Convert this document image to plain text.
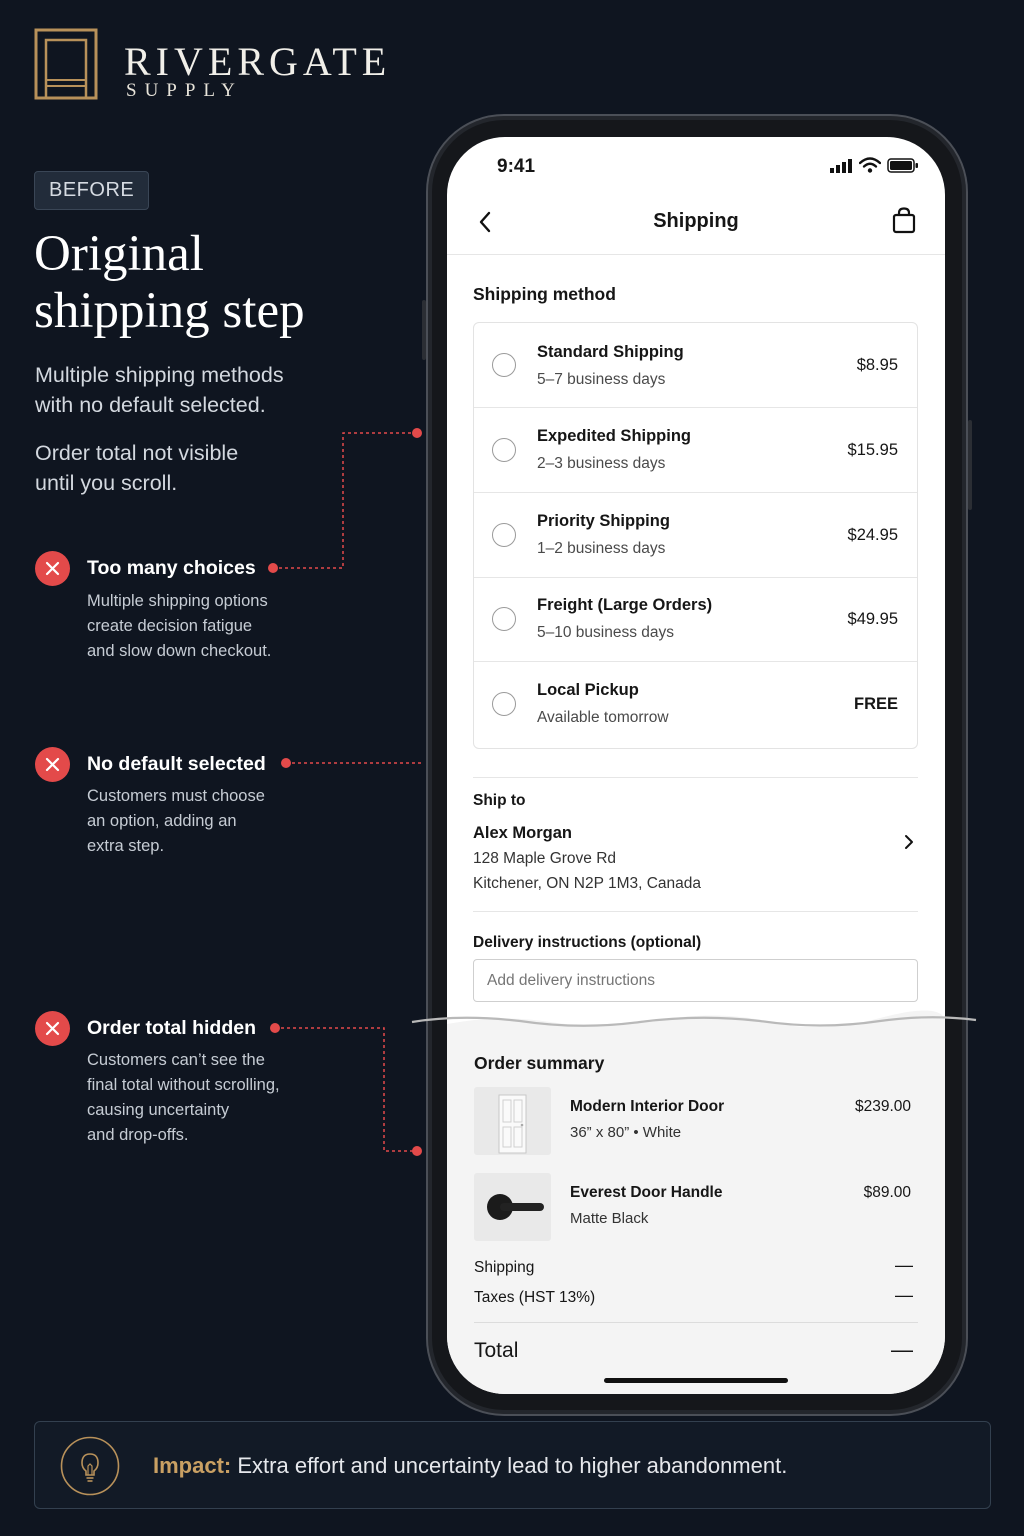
RIVERGATE
SUPPLY
BEFORE
Original
shipping step
Multiple shipping methods
with no default selected.
Order total not visible
until you scroll.
Too many choices
Multiple shipping options
create decision fatigue
and slow down checkout.
No default selected
Customers must choose
an option, adding an
extra step.
Order total hidden
Customers can’t see the
final total without scrolling,
causing uncertainty
and drop-offs.
9:41
Shipping
Shipping method
Standard Shipping
5–7 business days
$8.95
Expedited Shipping
2–3 business days
$15.95
Priority Shipping
1–2 business days
$24.95
Freight (Large Orders)
5–10 business days
$49.95
Local Pickup
Available tomorrow
FREE
Ship to
Alex Morgan
128 Maple Grove Rd
Kitchener, ON N2P 1M3, Canada
Delivery instructions (optional)
Add delivery instructions
Order summary
Modern Interior Door
36” x 80” • White
$239.00
Everest Door Handle
Matte Black
$89.00
Shipping	—
Taxes (HST 13%)	—
Total	—
Impact: Extra effort and uncertainty lead to higher abandonment.
